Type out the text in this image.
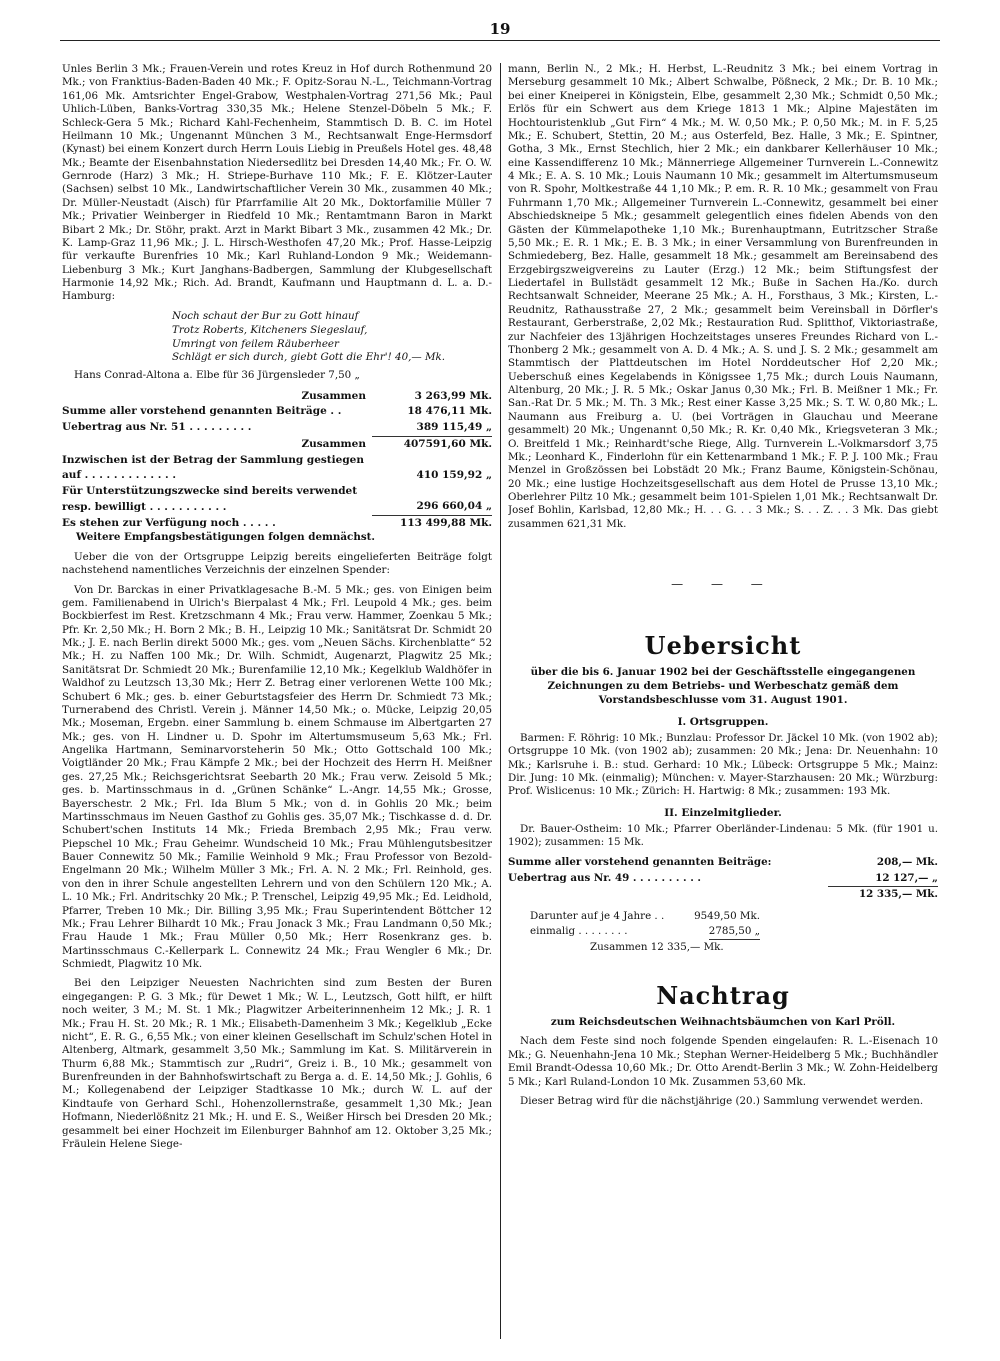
19

Unles Berlin 3 Mk.; Frauen-Verein und rotes Kreuz in Hof durch Rothenmund 20 Mk.; von Franktius-Baden-Baden 40 Mk.; F. Opitz-Sorau N.-L., Teichmann-Vortrag 161,06 Mk. Amtsrichter Engel-Grabow, Westphalen-Vortrag 271,56 Mk.; Paul Uhlich-Lüben, Banks-Vortrag 330,35 Mk.; Helene Stenzel-Döbeln 5 Mk.; F. Schleck-Gera 5 Mk.; Richard Kahl-Fechenheim, Stammtisch D. B. C. im Hotel Heilmann 10 Mk.; Ungenannt München 3 M., Rechtsanwalt Enge-Hermsdorf (Kynast) bei einem Konzert durch Herrn Louis Liebig in Preußels Hotel ges. 48,48 Mk.; Beamte der Eisenbahnstation Niedersedlitz bei Dresden 14,40 Mk.; Fr. O. W. Gernrode (Harz) 3 Mk.; H. Striepe-Burhave 110 Mk.; F. E. Klötzer-Lauter (Sachsen) selbst 10 Mk., Landwirtschaftlicher Verein 30 Mk., zusammen 40 Mk.; Dr. Müller-Neustadt (Aisch) für Pfarrfamilie Alt 20 Mk., Doktorfamilie Müller 7 Mk.; Privatier Weinberger in Riedfeld 10 Mk.; Rentamtmann Baron in Markt Bibart 2 Mk.; Dr. Stöhr, prakt. Arzt in Markt Bibart 3 Mk., zusammen 42 Mk.; Dr. K. Lamp-Graz 11,96 Mk.; J. L. Hirsch-Westhofen 47,20 Mk.; Prof. Hasse-Leipzig für verkaufte Burenfries 10 Mk.; Karl Ruhland-London 9 Mk.; Weidemann-Liebenburg 3 Mk.; Kurt Janghans-Badbergen, Sammlung der Klubgesellschaft Harmonie 14,92 Mk.; Rich. Ad. Brandt, Kaufmann und Hauptmann d. L. a. D.-Hamburg:

Noch schaut der Bur zu Gott hinauf
Trotz Roberts, Kitcheners Siegeslauf,
Umringt von feilem Räuberheer
Schlägt er sich durch, giebt Gott die Ehr'! 40,— Mk.

Hans Conrad-Altona a. Elbe für 36 Jürgensleder 7,50 „

Zusammen	3 263,99 Mk.
Summe aller vorstehend genannten Beiträge . .	18 476,11 Mk.
Uebertrag aus Nr. 51 . . . . . . . . .	389 115,49 „
Zusammen	407591,60 Mk.
Inzwischen ist der Betrag der Sammlung gestiegen auf . . . . . . . . . . . . .	410 159,92 „
Für Unterstützungszwecke sind bereits verwendet resp. bewilligt . . . . . . . . . . .	296 660,04 „
Es stehen zur Verfügung noch . . . . .	113 499,88 Mk.

Weitere Empfangsbestätigungen folgen demnächst.

Ueber die von der Ortsgruppe Leipzig bereits eingelieferten Beiträge folgt nachstehend namentliches Verzeichnis der einzelnen Spender:

Von Dr. Barckas in einer Privatklagesache B.-M. 5 Mk.; ges. von Einigen beim gem. Familienabend in Ulrich's Bierpalast 4 Mk.; Frl. Leupold 4 Mk.; ges. beim Bockbierfest im Rest. Kretzschmann 4 Mk.; Frau verw. Hammer, Zoenkau 5 Mk.; Pfr. Kr. 2,50 Mk.; H. Born 2 Mk.; B. H., Leipzig 10 Mk.; Sanitätsrat Dr. Schmidt 20 Mk.; J. E. nach Berlin direkt 5000 Mk.; ges. vom „Neuen Sächs. Kirchenblatte“ 52 Mk.; H. zu Naffen 100 Mk.; Dr. Wilh. Schmidt, Augenarzt, Plagwitz 25 Mk.; Sanitätsrat Dr. Schmiedt 20 Mk.; Burenfamilie 12,10 Mk.; Kegelklub Waldhöfer in Waldhof zu Leutzsch 13,30 Mk.; Herr Z. Betrag einer verlorenen Wette 100 Mk.; Schubert 6 Mk.; ges. b. einer Geburtstagsfeier des Herrn Dr. Schmiedt 73 Mk.; Turnerabend des Christl. Verein j. Männer 14,50 Mk.; o. Mücke, Leipzig 20,05 Mk.; Moseman, Ergebn. einer Sammlung b. einem Schmause im Albertgarten 27 Mk.; ges. von H. Lindner u. D. Spohr im Altertumsmuseum 5,63 Mk.; Frl. Angelika Hartmann, Seminarvorsteherin 50 Mk.; Otto Gottschald 100 Mk.; Voigtländer 20 Mk.; Frau Kämpfe 2 Mk.; bei der Hochzeit des Herrn H. Meißner ges. 27,25 Mk.; Reichsgerichtsrat Seebarth 20 Mk.; Frau verw. Zeisold 5 Mk.; ges. b. Martinsschmaus in d. „Grünen Schänke“ L.-Angr. 14,55 Mk.; Grosse, Bayerschestr. 2 Mk.; Frl. Ida Blum 5 Mk.; von d. in Gohlis 20 Mk.; beim Martinsschmaus im Neuen Gasthof zu Gohlis ges. 35,07 Mk.; Tischkasse d. d. Dr. Schubert'schen Instituts 14 Mk.; Frieda Brembach 2,95 Mk.; Frau verw. Piepschel 10 Mk.; Frau Geheimr. Wundscheid 10 Mk.; Frau Mühlengutsbesitzer Bauer Connewitz 50 Mk.; Familie Weinhold 9 Mk.; Frau Professor von Bezold-Engelmann 20 Mk.; Wilhelm Müller 3 Mk.; Frl. A. N. 2 Mk.; Frl. Reinhold, ges. von den in ihrer Schule angestellten Lehrern und von den Schülern 120 Mk.; A. L. 10 Mk.; Frl. Andritschky 20 Mk.; P. Trenschel, Leipzig 49,95 Mk.; Ed. Leidhold, Pfarrer, Treben 10 Mk.; Dir. Billing 3,95 Mk.; Frau Superintendent Böttcher 12 Mk.; Frau Lehrer Bilhardt 10 Mk.; Frau Jonack 3 Mk.; Frau Landmann 0,50 Mk.; Frau Haude 1 Mk.; Frau Müller 0,50 Mk.; Herr Rosenkranz ges. b. Martinsschmaus C.-Kellerpark L. Connewitz 24 Mk.; Frau Wengler 6 Mk.; Dr. Schmiedt, Plagwitz 10 Mk.

Bei den Leipziger Neuesten Nachrichten sind zum Besten der Buren eingegangen: P. G. 3 Mk.; für Dewet 1 Mk.; W. L., Leutzsch, Gott hilft, er hilft noch weiter, 3 M.; M. St. 1 Mk.; Plagwitzer Arbeiterinnenheim 12 Mk.; J. R. 1 Mk.; Frau H. St. 20 Mk.; R. 1 Mk.; Elisabeth-Damenheim 3 Mk.; Kegelklub „Ecke nicht“, E. R. G., 6,55 Mk.; von einer kleinen Gesellschaft im Schulz'schen Hotel in Altenberg, Altmark, gesammelt 3,50 Mk.; Sammlung im Kat. S. Militärverein in Thurm 6,88 Mk.; Stammtisch zur „Rudri“, Greiz i. B., 10 Mk.; gesammelt von Burenfreunden in der Bahnhofswirtschaft zu Berga a. d. E. 14,50 Mk.; J. Gohlis, 6 M.; Kollegenabend der Leipziger Stadtkasse 10 Mk.; durch W. L. auf der Kindtaufe von Gerhard Schl., Hohenzollernstraße, gesammelt 1,30 Mk.; Jean Hofmann, Niederlößnitz 21 Mk.; H. und E. S., Weißer Hirsch bei Dresden 20 Mk.; gesammelt bei einer Hochzeit im Eilenburger Bahnhof am 12. Oktober 3,25 Mk.; Fräulein Helene Siege-

mann, Berlin N., 2 Mk.; H. Herbst, L.-Reudnitz 3 Mk.; bei einem Vortrag in Merseburg gesammelt 10 Mk.; Albert Schwalbe, Pößneck, 2 Mk.; Dr. B. 10 Mk.; bei einer Kneiperei in Königstein, Elbe, gesammelt 2,30 Mk.; Schmidt 0,50 Mk.; Erlös für ein Schwert aus dem Kriege 1813 1 Mk.; Alpine Majestäten im Hochtouristenklub „Gut Firn“ 4 Mk.; M. W. 0,50 Mk.; P. 0,50 Mk.; M. in F. 5,25 Mk.; E. Schubert, Stettin, 20 M.; aus Osterfeld, Bez. Halle, 3 Mk.; E. Spintner, Gotha, 3 Mk., Ernst Stechlich, hier 2 Mk.; ein dankbarer Kellerhäuser 10 Mk.; eine Kassendifferenz 10 Mk.; Männerriege Allgemeiner Turnverein L.-Connewitz 4 Mk.; E. A. S. 10 Mk.; Louis Naumann 10 Mk.; gesammelt im Altertumsmuseum von R. Spohr, Moltkestraße 44 1,10 Mk.; P. em. R. R. 10 Mk.; gesammelt von Frau Fuhrmann 1,70 Mk.; Allgemeiner Turnverein L.-Connewitz, gesammelt bei einer Abschiedskneipe 5 Mk.; gesammelt gelegentlich eines fidelen Abends von den Gästen der Kümmelapotheke 1,10 Mk.; Burenhauptmann, Eutritzscher Straße 5,50 Mk.; E. R. 1 Mk.; E. B. 3 Mk.; in einer Versammlung von Burenfreunden in Schmiedeberg, Bez. Halle, gesammelt 18 Mk.; gesammelt am Bereinsabend des Erzgebirgszweigvereins zu Lauter (Erzg.) 12 Mk.; beim Stiftungsfest der Liedertafel in Bullstädt gesammelt 12 Mk.; Buße in Sachen Ha./Ko. durch Rechtsanwalt Schneider, Meerane 25 Mk.; A. H., Forsthaus, 3 Mk.; Kirsten, L.-Reudnitz, Rathausstraße 27, 2 Mk.; gesammelt beim Vereinsball in Dörfler's Restaurant, Gerberstraße, 2,02 Mk.; Restauration Rud. Splitthof, Viktoriastraße, zur Nachfeier des 13jährigen Hochzeitstages unseres Freundes Richard von L.-Thonberg 2 Mk.; gesammelt von A. D. 4 Mk.; A. S. und J. S. 2 Mk.; gesammelt am Stammtisch der Plattdeutschen im Hotel Norddeutscher Hof 2,20 Mk.; Ueberschuß eines Kegelabends in Königssee 1,75 Mk.; durch Louis Naumann, Altenburg, 20 Mk.; J. R. 5 Mk.; Oskar Janus 0,30 Mk.; Frl. B. Meißner 1 Mk.; Fr. San.-Rat Dr. 5 Mk.; M. Th. 3 Mk.; Rest einer Kasse 3,25 Mk.; S. T. W. 0,80 Mk.; L. Naumann aus Freiburg a. U. (bei Vorträgen in Glauchau und Meerane gesammelt) 20 Mk.; Ungenannt 0,50 Mk.; R. Kr. 0,40 Mk., Kriegsveteran 3 Mk.; O. Breitfeld 1 Mk.; Reinhardt'sche Riege, Allg. Turnverein L.-Volkmarsdorf 3,75 Mk.; Leonhard K., Finderlohn für ein Kettenarmband 1 Mk.; F. P. J. 100 Mk.; Frau Menzel in Großzössen bei Lobstädt 20 Mk.; Franz Baume, Königstein-Schönau, 20 Mk.; eine lustige Hochzeitsgesellschaft aus dem Hotel de Prusse 13,10 Mk.; Oberlehrer Piltz 10 Mk.; gesammelt beim 101-Spielen 1,01 Mk.; Rechtsanwalt Dr. Josef Bohlin, Karlsbad, 12,80 Mk.; H. . . G. . . 3 Mk.; S. . . Z. . . 3 Mk. Das giebt zusammen 621,31 Mk.

— — —
Uebersicht
über die bis 6. Januar 1902 bei der Geschäftsstelle eingegangenen Zeichnungen zu dem Betriebs- und Werbeschatz gemäß dem Vorstandsbeschlusse vom 31. August 1901.
I. Ortsgruppen.

Barmen: F. Röhrig: 10 Mk.; Bunzlau: Professor Dr. Jäckel 10 Mk. (von 1902 ab); Ortsgruppe 10 Mk. (von 1902 ab); zusammen: 20 Mk.; Jena: Dr. Neuenhahn: 10 Mk.; Karlsruhe i. B.: stud. Gerhard: 10 Mk.; Lübeck: Ortsgruppe 5 Mk.; Mainz: Dir. Jung: 10 Mk. (einmalig); München: v. Mayer-Starzhausen: 20 Mk.; Würzburg: Prof. Wislicenus: 10 Mk.; Zürich: H. Hartwig: 8 Mk.; zusammen: 193 Mk.

II. Einzelmitglieder.

Dr. Bauer-Ostheim: 10 Mk.; Pfarrer Oberländer-Lindenau: 5 Mk. (für 1901 u. 1902); zusammen: 15 Mk.

Summe aller vorstehend genannten Beiträge:	208,— Mk.
Uebertrag aus Nr. 49 . . . . . . . . . .	12 127,— „
12 335,— Mk.
Darunter auf je 4 Jahre . .	9549,50 Mk.
einmalig . . . . . . . .	2785,50 „
Zusammen 12 335,— Mk.
Nachtrag
zum Reichsdeutschen Weihnachtsbäumchen von Karl Pröll.

Nach dem Feste sind noch folgende Spenden eingelaufen: R. L.-Eisenach 10 Mk.; G. Neuenhahn-Jena 10 Mk.; Stephan Werner-Heidelberg 5 Mk.; Buchhändler Emil Brandt-Odessa 10,60 Mk.; Dr. Otto Arendt-Berlin 3 Mk.; W. Zohn-Heidelberg 5 Mk.; Karl Ruland-London 10 Mk. Zusammen 53,60 Mk.

Dieser Betrag wird für die nächstjährige (20.) Sammlung verwendet werden.
